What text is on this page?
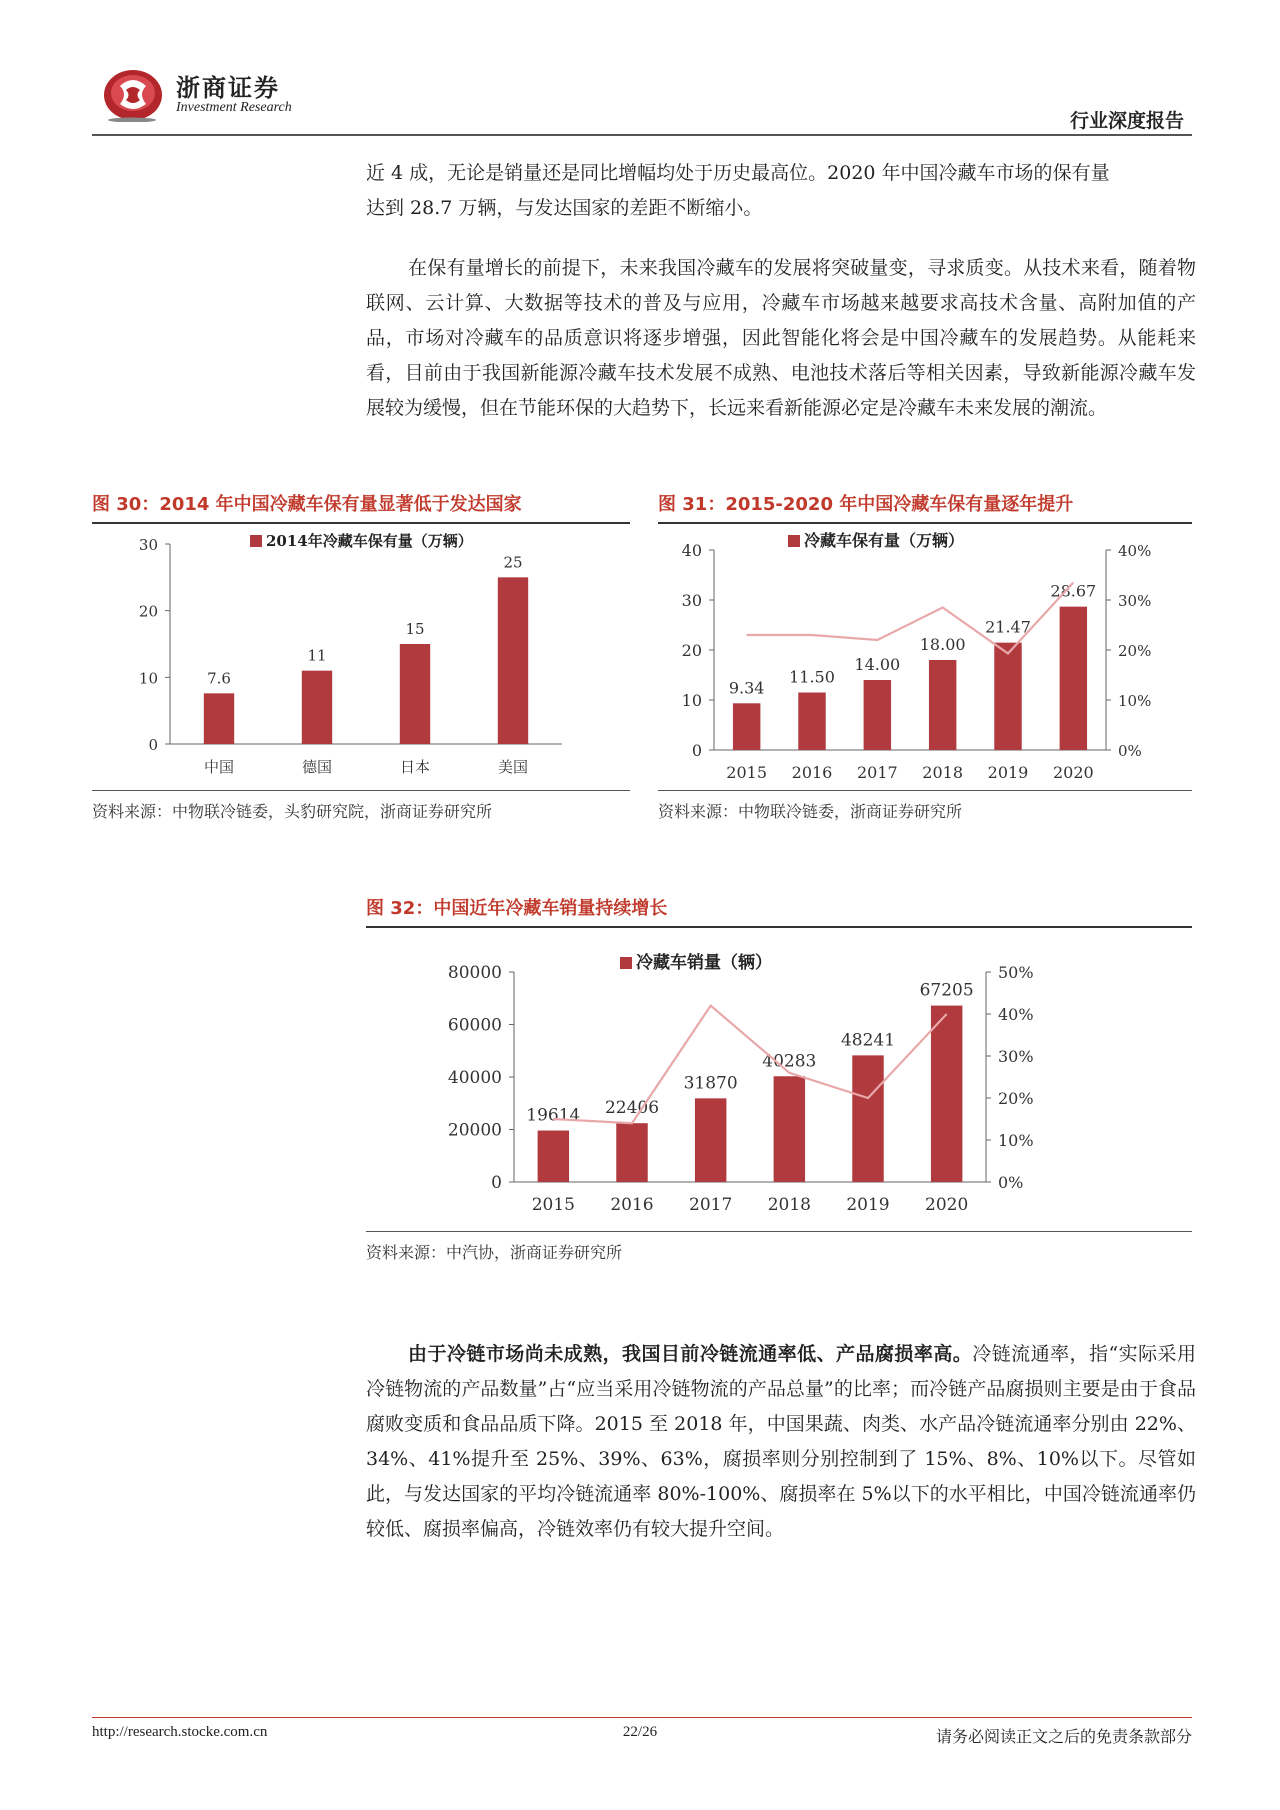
浙商证券
Investment Research
行业深度报告

近 4 成，无论是销量还是同比增幅均处于历史最高位。2020 年中国冷藏车市场的保有量

达到 28.7 万辆，与发达国家的差距不断缩小。

在保有量增长的前提下，未来我国冷藏车的发展将突破量变，寻求质变。从技术来看，随着物联网、云计算、大数据等技术的普及与应用，冷藏车市场越来越要求高技术含量、高附加值的产品，市场对冷藏车的品质意识将逐步增强，因此智能化将会是中国冷藏车的发展趋势。从能耗来看，目前由于我国新能源冷藏车技术发展不成熟、电池技术落后等相关因素，导致新能源冷藏车发展较为缓慢，但在节能环保的大趋势下，长远来看新能源必定是冷藏车未来发展的潮流。

图 30：2014 年中国冷藏车保有量显著低于发达国家
0
10
20
30
7.6
中国
11
德国
15
日本
25
美国
2014年冷藏车保有量（万辆）
资料来源：中物联冷链委，头豹研究院，浙商证券研究所
图 31：2015-2020 年中国冷藏车保有量逐年提升
0
10
20
30
40
0%
10%
20%
30%
40%
9.34
2015
11.50
2016
14.00
2017
18.00
2018
21.47
2019
28.67
2020
冷藏车保有量（万辆）
资料来源：中物联冷链委，浙商证券研究所
图 32：中国近年冷藏车销量持续增长
0
20000
40000
60000
80000
0%
10%
20%
30%
40%
50%
19614
2015
22406
2016
31870
2017
40283
2018
48241
2019
67205
2020
冷藏车销量（辆）
资料来源：中汽协，浙商证券研究所

由于冷链市场尚未成熟，我国目前冷链流通率低、产品腐损率高。冷链流通率，指“实际采用冷链物流的产品数量”占“应当采用冷链物流的产品总量”的比率；而冷链产品腐损则主要是由于食品腐败变质和食品品质下降。2015 至 2018 年，中国果蔬、肉类、水产品冷链流通率分别由 22%、34%、41%提升至 25%、39%、63%，腐损率则分别控制到了 15%、8%、10%以下。尽管如此，与发达国家的平均冷链流通率 80%-100%、腐损率在 5%以下的水平相比，中国冷链流通率仍较低、腐损率偏高，冷链效率仍有较大提升空间。

http://research.stocke.com.cn	22/26	请务必阅读正文之后的免责条款部分
